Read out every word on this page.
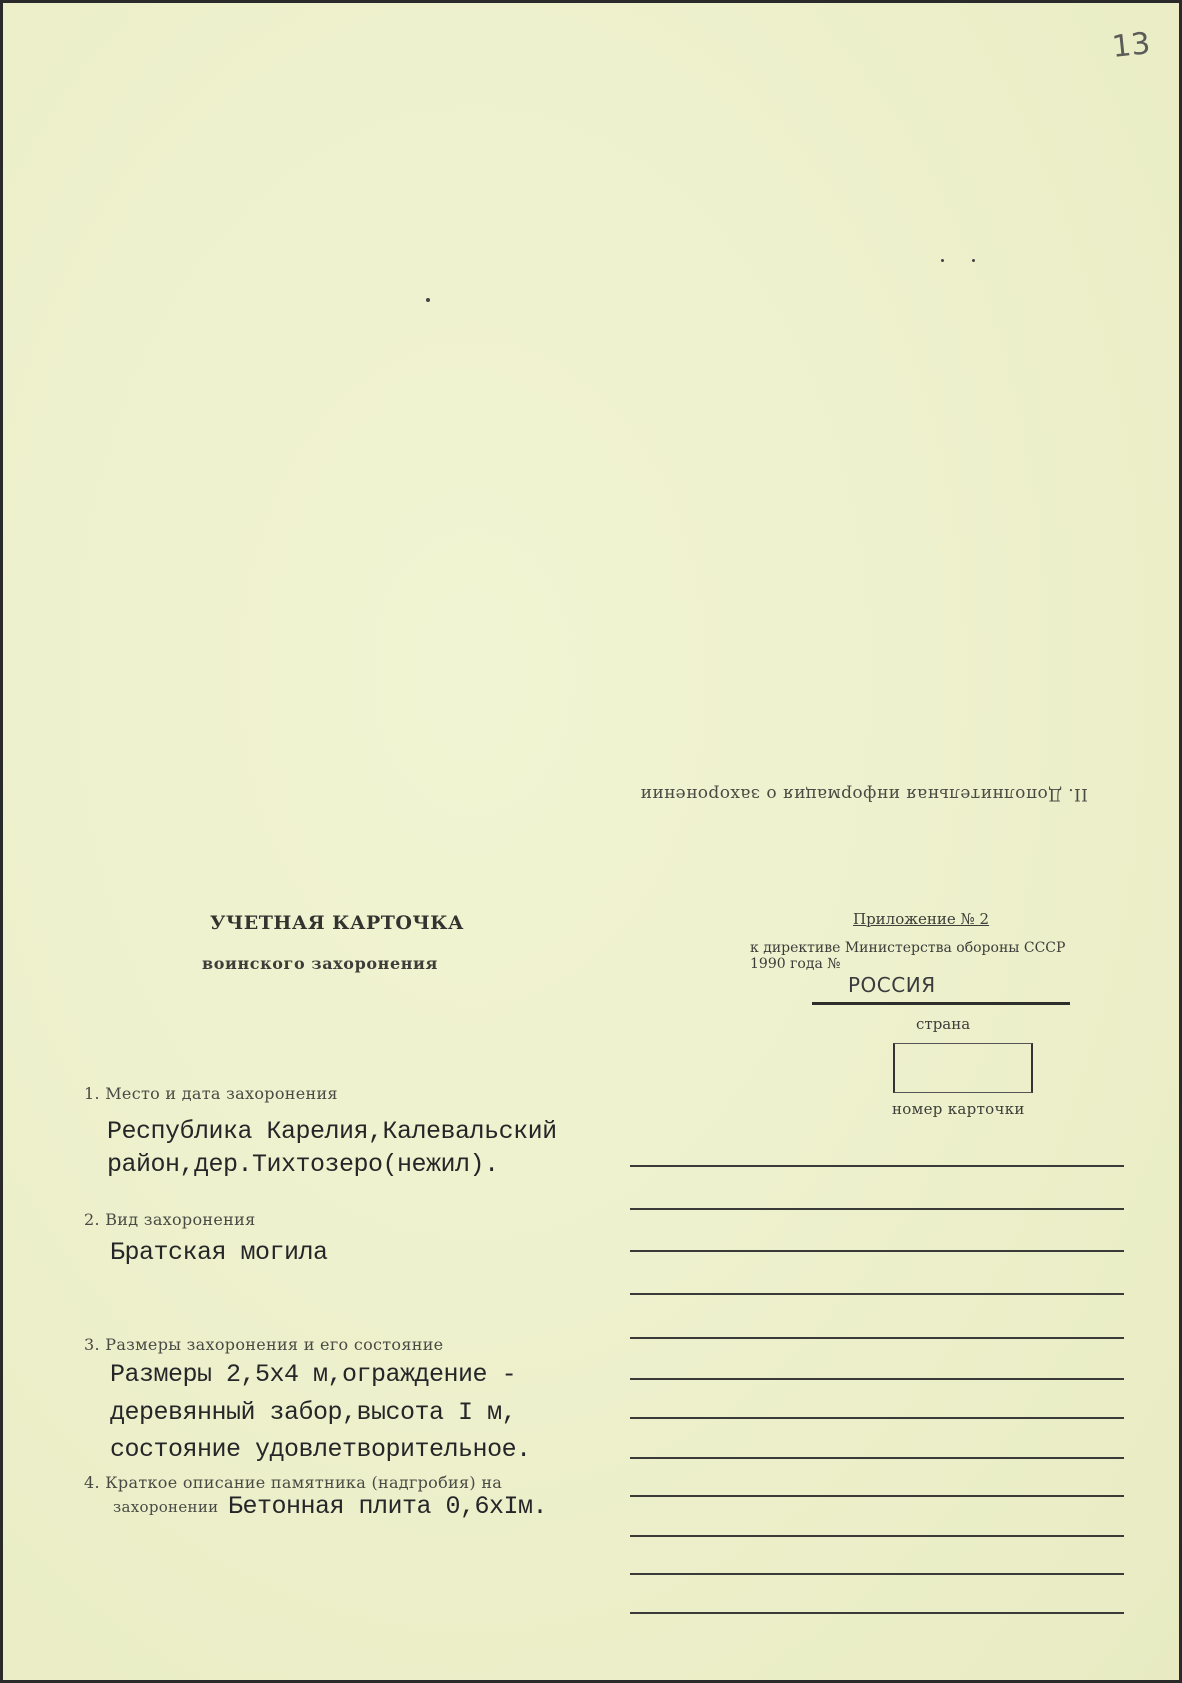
13
II. Дополнительная информация о захоронении
УЧЕТНАЯ КАРТОЧКА
воинского захоронения
Приложение № 2
к директиве Министерства обороны СССР
1990 года №
РОССИЯ
страна
номер карточки
1. Место и дата захоронения
Республика Карелия,Калевальский
район,дер.Тихтозеро(нежил).
2. Вид захоронения
Братская могила
3. Размеры захоронения и его состояние
Размеры 2,5х4 м,ограждение -
деревянный забор,высота I м,
состояние удовлетворительное.
4. Краткое описание памятника (надгробия) на
захоронении Бетонная плита 0,6хIм.
